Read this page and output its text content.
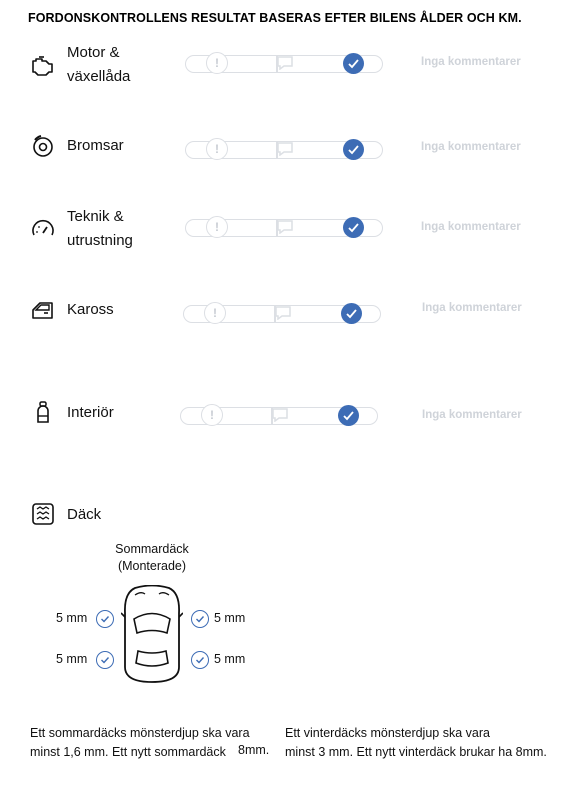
FORDONSKONTROLLENS RESULTAT BASERAS EFTER BILENS ÅLDER OCH KM.
Motor &
växellåda
!	Inga kommentarer
Bromsar	!	Inga kommentarer
Teknik &
utrustning
!	Inga kommentarer
Kaross	!	Inga kommentarer
Interiör	!	Inga kommentarer
Däck
Sommardäck
(Monterade)
5 mm	5 mm
5 mm	5 mm
Ett sommardäcks mönsterdjup ska vara
minst 1,6 mm. Ett nytt sommardäck 8mm.
Ett vinterdäcks mönsterdjup ska vara
minst 3 mm. Ett nytt vinterdäck brukar ha 8mm.
